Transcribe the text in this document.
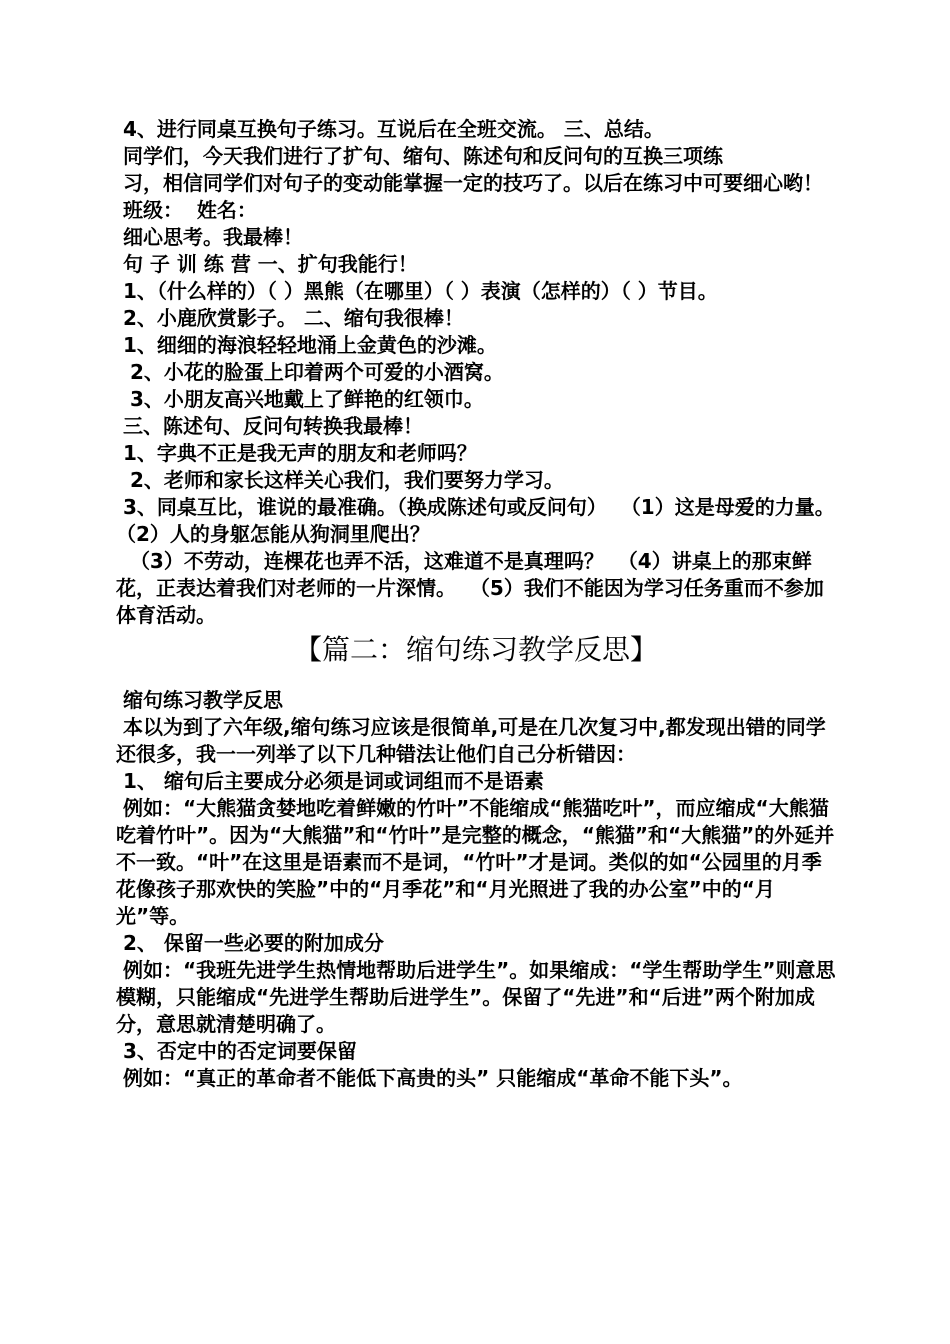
4、进行同桌互换句子练习。互说后在全班交流。 三、总结。

同学们，今天我们进行了扩句、缩句、陈述句和反问句的互换三项练

习，相信同学们对句子的变动能掌握一定的技巧了。以后在练习中可要细心哟！

班级：  姓名：

细心思考。我最棒！

句 子 训 练 营 一、扩句我能行！

1、（什么样的）（ ）黑熊（在哪里）（ ）表演（怎样的）（ ）节目。

2、小鹿欣赏影子。 二、缩句我很棒！

1、细细的海浪轻轻地涌上金黄色的沙滩。

2、小花的脸蛋上印着两个可爱的小酒窝。

3、小朋友高兴地戴上了鲜艳的红领巾。

三、陈述句、反问句转换我最棒！

1、字典不正是我无声的朋友和老师吗？

2、老师和家长这样关心我们，我们要努力学习。

3、同桌互比，谁说的最准确。（换成陈述句或反问句）  （1）这是母爱的力量。  （2）人的身躯怎能从狗洞里爬出？

（3）不劳动，连棵花也弄不活，这难道不是真理吗？  （4）讲桌上的那束鲜花，正表达着我们对老师的一片深情。  （5）我们不能因为学习任务重而不参加体育活动。

【篇二：缩句练习教学反思】

缩句练习教学反思

本以为到了六年级,缩句练习应该是很简单,可是在几次复习中,都发现出错的同学还很多，我一一列举了以下几种错法让他们自己分析错因：

1、 缩句后主要成分必须是词或词组而不是语素

例如：“大熊猫贪婪地吃着鲜嫩的竹叶”不能缩成“熊猫吃叶”，而应缩成“大熊猫吃着竹叶”。因为“大熊猫”和“竹叶”是完整的概念，“熊猫”和“大熊猫”的外延并不一致。“叶”在这里是语素而不是词，“竹叶”才是词。类似的如“公园里的月季花像孩子那欢快的笑脸”中的“月季花”和“月光照进了我的办公室”中的“月光”等。

2、 保留一些必要的附加成分

例如：“我班先进学生热情地帮助后进学生”。如果缩成：“学生帮助学生”则意思模糊，只能缩成“先进学生帮助后进学生”。保留了“先进”和“后进”两个附加成分，意思就清楚明确了。

3、否定中的否定词要保留

例如：“真正的革命者不能低下高贵的头” 只能缩成“革命不能下头”。
